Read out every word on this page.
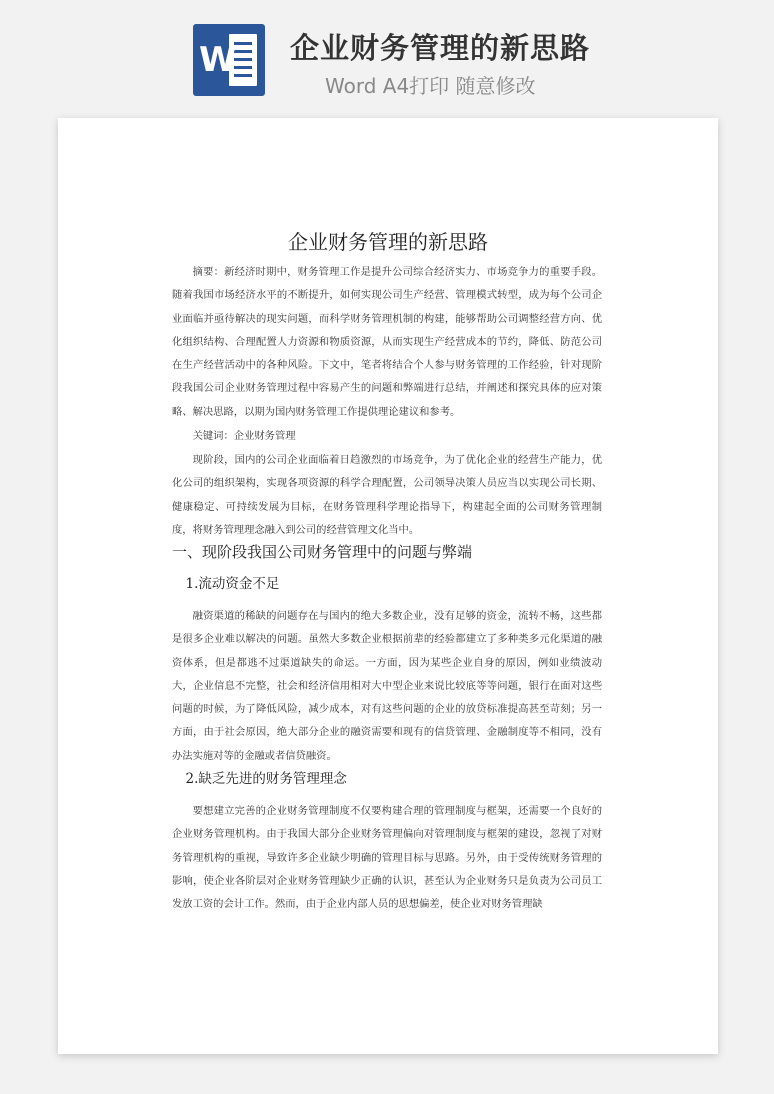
W 企业财务管理的新思路
Word A4打印 随意修改
企业财务管理的新思路
摘要：新经济时期中，财务管理工作是提升公司综合经济实力、市场竞争力的重要手段。随着我国市场经济水平的不断提升，如何实现公司生产经营、管理模式转型，成为每个公司企业面临并亟待解决的现实问题，而科学财务管理机制的构建，能够帮助公司调整经营方向、优化组织结构、合理配置人力资源和物质资源，从而实现生产经营成本的节约，降低、防范公司在生产经营活动中的各种风险。下文中，笔者将结合个人参与财务管理的工作经验，针对现阶段我国公司企业财务管理过程中容易产生的问题和弊端进行总结，并阐述和探究具体的应对策略、解决思路，以期为国内财务管理工作提供理论建议和参考。
关键词：企业财务管理
现阶段，国内的公司企业面临着日趋激烈的市场竞争，为了优化企业的经营生产能力，优化公司的组织架构，实现各项资源的科学合理配置，公司领导决策人员应当以实现公司长期、健康稳定、可持续发展为目标，在财务管理科学理论指导下，构建起全面的公司财务管理制度，将财务管理理念融入到公司的经营管理文化当中。
一、现阶段我国公司财务管理中的问题与弊端
1.流动资金不足
融资渠道的稀缺的问题存在与国内的绝大多数企业，没有足够的资金，流转不畅，这些都是很多企业难以解决的问题。虽然大多数企业根据前辈的经验都建立了多种类多元化渠道的融资体系，但是都逃不过渠道缺失的命运。一方面，因为某些企业自身的原因，例如业绩波动大，企业信息不完整，社会和经济信用相对大中型企业来说比较底等等问题，银行在面对这些问题的时候，为了降低风险，减少成本，对有这些问题的企业的放贷标准提高甚至苛刻；另一方面，由于社会原因，绝大部分企业的融资需要和现有的信贷管理、金融制度等不相同，没有办法实施对等的金融或者信贷融资。
2.缺乏先进的财务管理理念
要想建立完善的企业财务管理制度不仅要构建合理的管理制度与框架，还需要一个良好的企业财务管理机构。由于我国大部分企业财务管理偏向对管理制度与框架的建设，忽视了对财务管理机构的重视，导致许多企业缺少明确的管理目标与思路。另外，由于受传统财务管理的影响，使企业各阶层对企业财务管理缺少正确的认识，甚至认为企业财务只是负责为公司员工发放工资的会计工作。然而，由于企业内部人员的思想偏差，使企业对财务管理缺
